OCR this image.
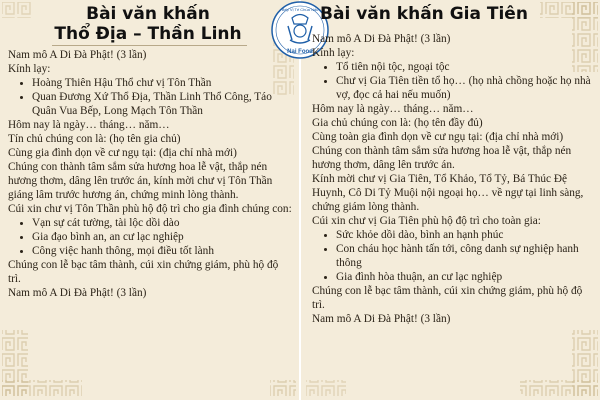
Bài văn khấn
Thổ Địa – Thần Linh

Nam mô A Di Đà Phật! (3 lần)

Kính lạy:

• Hoàng Thiên Hậu Thổ chư vị Tôn Thần
• Quan Đương Xứ Thổ Địa, Thần Linh Thổ Công, Táo Quân Vua Bếp, Long Mạch Tôn Thần

Hôm nay là ngày… tháng… năm…

Tín chủ chúng con là: (họ tên gia chủ)

Cùng gia đình dọn về cư ngụ tại: (địa chỉ nhà mới)

Chúng con thành tâm sắm sửa hương hoa lễ vật, thắp nén hương thơm, dâng lên trước án, kính mời chư vị Tôn Thần giáng lâm trước hương án, chứng minh lòng thành.

Cúi xin chư vị Tôn Thần phù hộ độ trì cho gia đình chúng con:

• Vạn sự cát tường, tài lộc dồi dào
• Gia đạo bình an, an cư lạc nghiệp
• Công việc hanh thông, mọi điều tốt lành

Chúng con lễ bạc tâm thành, cúi xin chứng giám, phù hộ độ trì.

Nam mô A Di Đà Phật! (3 lần)

Bếp Vị Tế Chúa Nấu
Nai Food
Bài văn khấn Gia Tiên

Nam mô A Di Đà Phật! (3 lần)

Kính lạy:

• Tổ tiên nội tộc, ngoại tộc
• Chư vị Gia Tiên tiền tổ họ… (họ nhà chồng hoặc họ nhà vợ, đọc cả hai nếu muốn)

Hôm nay là ngày… tháng… năm…

Gia chủ chúng con là: (họ tên đầy đủ)

Cùng toàn gia đình dọn về cư ngụ tại: (địa chỉ nhà mới)

Chúng con thành tâm sắm sửa hương hoa lễ vật, thắp nén hương thơm, dâng lên trước án.

Kính mời chư vị Gia Tiên, Tổ Khảo, Tổ Tỷ, Bá Thúc Đệ Huynh, Cô Di Tỷ Muội nội ngoại họ… về ngự tại linh sàng, chứng giám lòng thành.

Cúi xin chư vị Gia Tiên phù hộ độ trì cho toàn gia:

• Sức khỏe dồi dào, bình an hạnh phúc
• Con cháu học hành tấn tới, công danh sự nghiệp hanh thông
• Gia đình hòa thuận, an cư lạc nghiệp

Chúng con lễ bạc tâm thành, cúi xin chứng giám, phù hộ độ trì.

Nam mô A Di Đà Phật! (3 lần)
